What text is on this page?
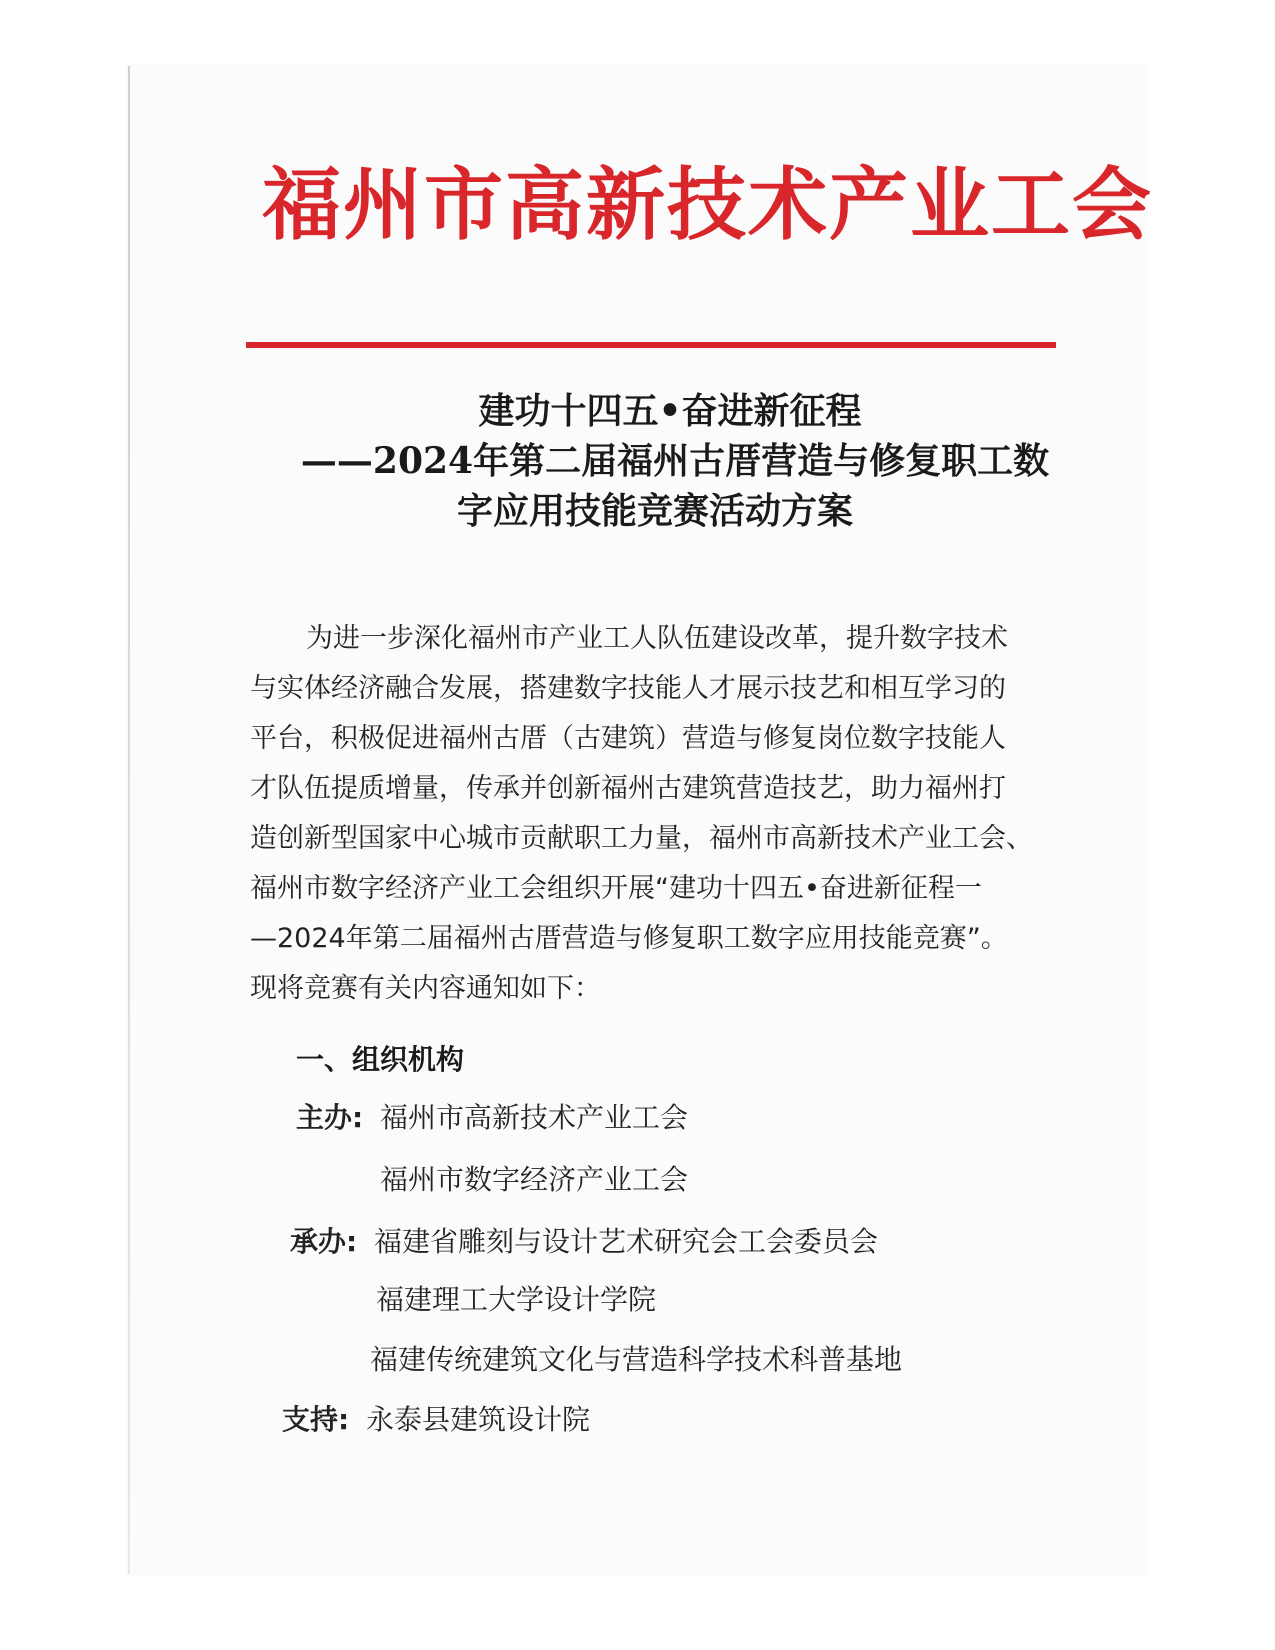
福州市高新技术产业工会
建功十四五•奋进新征程
——2024年第二届福州古厝营造与修复职工数
字应用技能竞赛活动方案
为进一步深化福州市产业工人队伍建设改革，提升数字技术
与实体经济融合发展，搭建数字技能人才展示技艺和相互学习的
平台，积极促进福州古厝（古建筑）营造与修复岗位数字技能人
才队伍提质增量，传承并创新福州古建筑营造技艺，助力福州打
造创新型国家中心城市贡献职工力量，福州市高新技术产业工会、
福州市数字经济产业工会组织开展“建功十四五•奋进新征程一
—2024年第二届福州古厝营造与修复职工数字应用技能竞赛”。
现将竞赛有关内容通知如下：
一、组织机构
主办: 福州市高新技术产业工会
福州市数字经济产业工会
承办: 福建省雕刻与设计艺术研究会工会委员会
福建理工大学设计学院
福建传统建筑文化与营造科学技术科普基地
支持: 永泰县建筑设计院
